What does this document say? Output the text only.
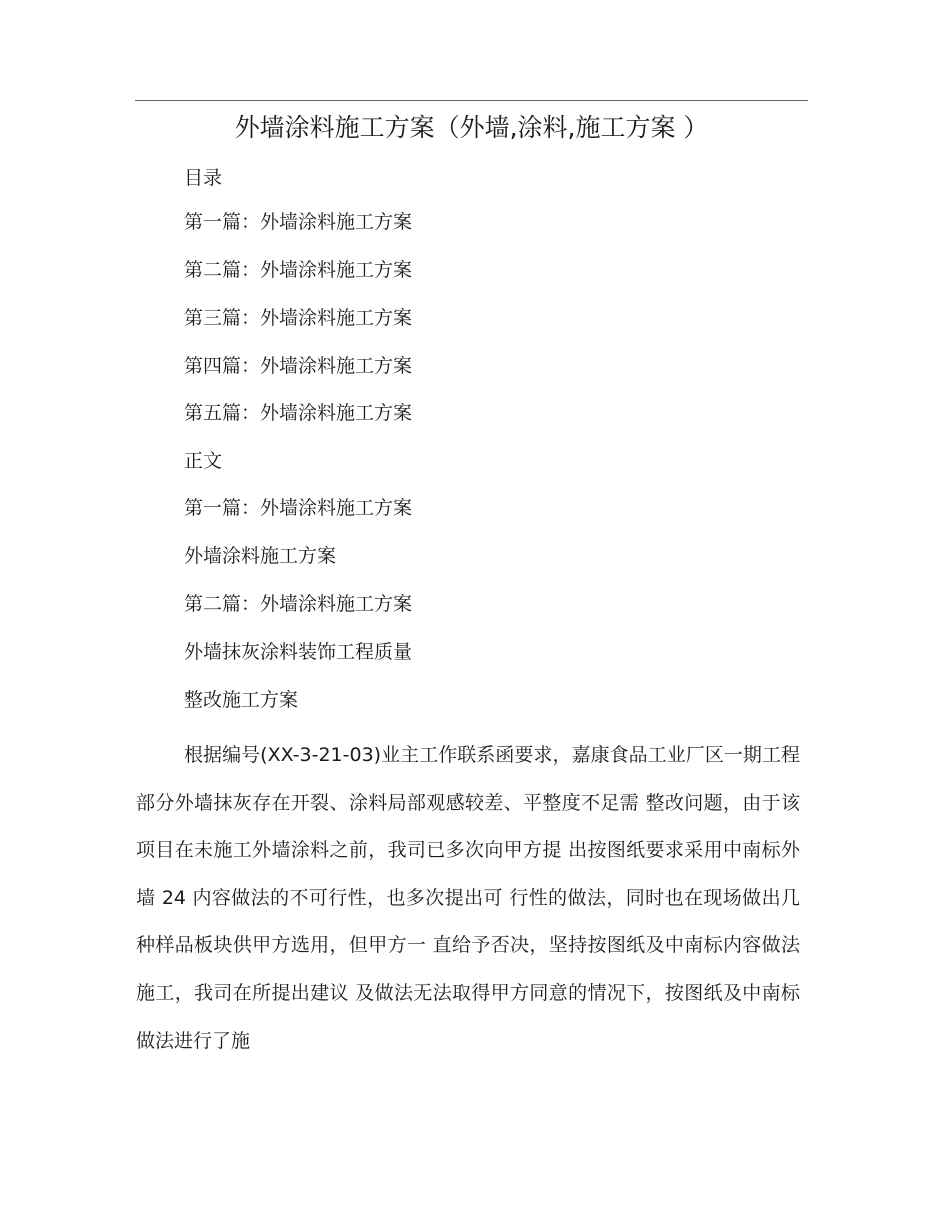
外墙涂料施工方案（外墙,涂料,施工方案 ）

目录

第一篇：外墙涂料施工方案

第二篇：外墙涂料施工方案

第三篇：外墙涂料施工方案

第四篇：外墙涂料施工方案

第五篇：外墙涂料施工方案

正文

第一篇：外墙涂料施工方案

外墙涂料施工方案

第二篇：外墙涂料施工方案

外墙抹灰涂料装饰工程质量

整改施工方案

根据编号(XX-3-21-03)业主工作联系函要求，嘉康食品工业厂区一期工程部分外墙抹灰存在开裂、涂料局部观感较差、平整度不足需 整改问题，由于该项目在未施工外墙涂料之前，我司已多次向甲方提 出按图纸要求采用中南标外墙 24 内容做法的不可行性，也多次提出可 行性的做法，同时也在现场做出几种样品板块供甲方选用，但甲方一 直给予否决，坚持按图纸及中南标内容做法施工，我司在所提出建议 及做法无法取得甲方同意的情况下，按图纸及中南标做法进行了施
